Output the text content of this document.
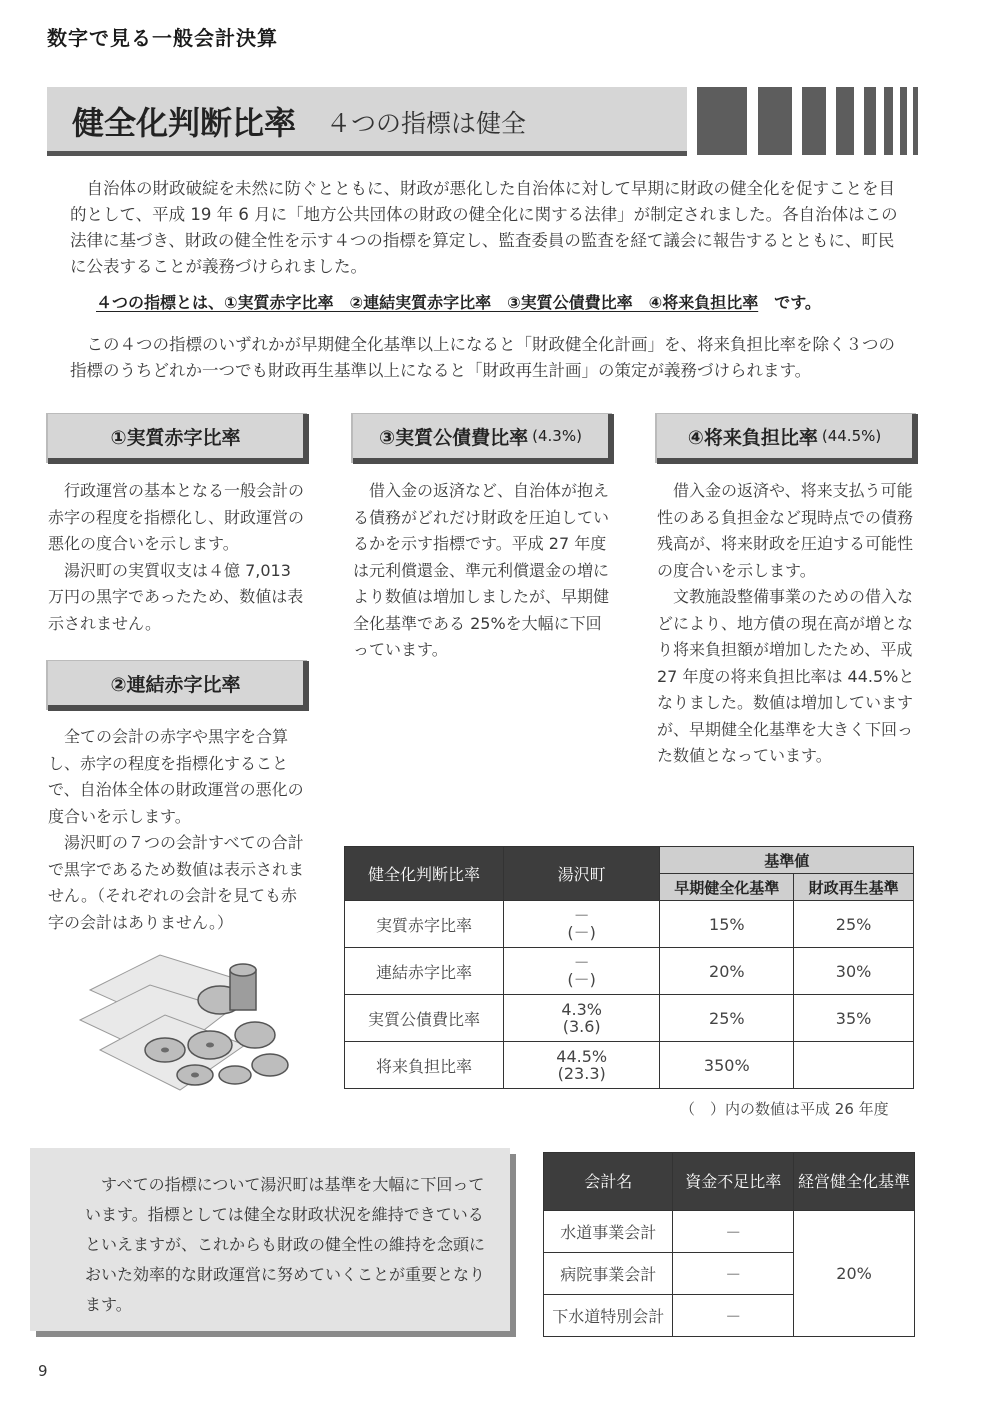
数字で見る一般会計決算
健全化判断比率 ４つの指標は健全

自治体の財政破綻を未然に防ぐとともに、財政が悪化した自治体に対して早期に財政の健全化を促すことを目的として、平成 19 年 6 月に「地方公共団体の財政の健全化に関する法律」が制定されました。各自治体はこの法律に基づき、財政の健全性を示す４つの指標を算定し、監査委員の監査を経て議会に報告するとともに、町民に公表することが義務づけられました。

４つの指標とは、①実質赤字比率　②連結実質赤字比率　③実質公債費比率　④将来負担比率　です。

この４つの指標のいずれかが早期健全化基準以上になると「財政健全化計画」を、将来負担比率を除く３つの指標のうちどれか一つでも財政再生基準以上になると「財政再生計画」の策定が義務づけられます。

①実質赤字比率

行政運営の基本となる一般会計の赤字の程度を指標化し、財政運営の悪化の度合いを示します。

湯沢町の実質収支は４億 7,013 万円の黒字であったため、数値は表示されません。

②連結赤字比率

全ての会計の赤字や黒字を合算し、赤字の程度を指標化することで、自治体全体の財政運営の悪化の度合いを示します。

湯沢町の７つの会計すべての合計で黒字であるため数値は表示されません。（それぞれの会計を見ても赤字の会計はありません。）

③実質公債費比率 (4.3%)

借入金の返済など、自治体が抱える債務がどれだけ財政を圧迫しているかを示す指標です。平成 27 年度は元利償還金、準元利償還金の増により数値は増加しましたが、早期健全化基準である 25%を大幅に下回っています。

④将来負担比率 (44.5%)

借入金の返済や、将来支払う可能性のある負担金など現時点での債務残高が、将来財政を圧迫する可能性の度合いを示します。

文教施設整備事業のための借入などにより、地方債の現在高が増となり将来負担額が増加したため、平成 27 年度の将来負担比率は 44.5%となりました。数値は増加していますが、早期健全化基準を大きく下回った数値となっています。

健全化判断比率	湯沢町	基準値	
		早期健全化基準	財政再生基準
実質赤字比率	－
(－)	15%	25%
連結赤字比率	－
(－)	20%	30%
実質公債費比率	4.3%
(3.6)	25%	35%
将来負担比率	44.5%
(23.3)	350%	
（　）内の数値は平成 26 年度

すべての指標について湯沢町は基準を大幅に下回っています。指標としては健全な財政状況を維持できているといえますが、これからも財政の健全性の維持を念頭においた効率的な財政運営に努めていくことが重要となります。

会計名	資金不足比率	経営健全化基準
水道事業会計	－	20%
病院事業会計	－	
下水道特別会計	－	
9
